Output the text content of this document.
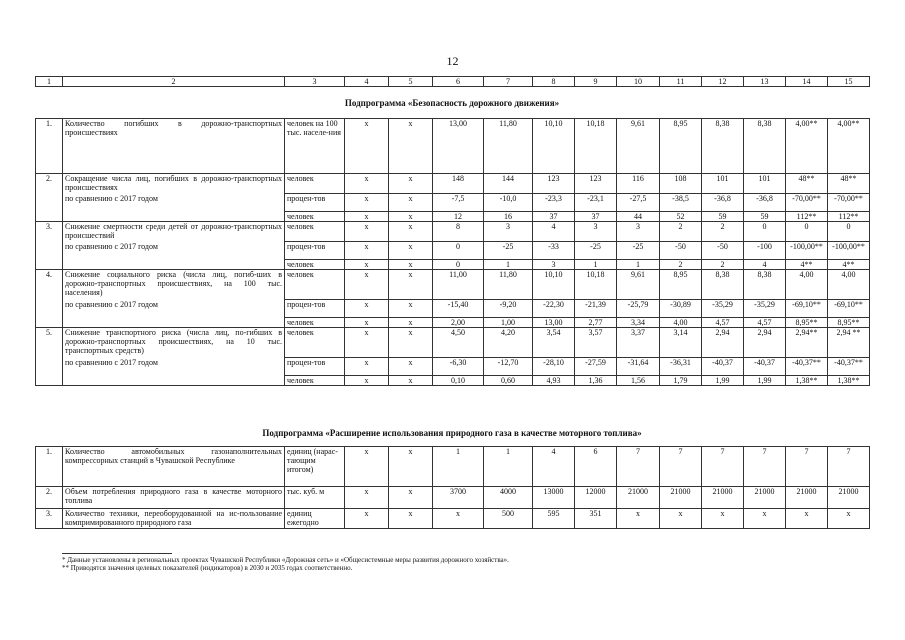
12
1	2	3	4	5	6	7	8	9	10	11	12	13	14	15
Подпрограмма «Безопасность дорожного движения»
1.	Количество погибших в дорожно-транспортных происшествиях	человек на 100 тыс. населе-ния	x	x	13,00	11,80	10,10	10,18	9,61	8,95	8,38	8,38	4,00**	4,00**
2.	Сокращение числа лиц, погибших в дорожно-транспортных происшествиях	человек	x	x	148	144	123	123	116	108	101	101	48**	48**
	по сравнению с 2017 годом	процен-тов	x	x	-7,5	-10,0	-23,3	-23,1	-27,5	-38,5	-36,8	-36,8	-70,00**	-70,00**
		человек	x	x	12	16	37	37	44	52	59	59	112**	112**
3.	Снижение смертности среди детей от дорожно-транспортных происшествий	человек	x	x	8	3	4	3	3	2	2	0	0	0
	по сравнению с 2017 годом	процен-тов	x	x	0	-25	-33	-25	-25	-50	-50	-100	-100,00**	-100,00**
		человек	x	x	0	1	3	1	1	2	2	4	4**	4**
4.	Снижение социального риска (числа лиц, погиб-ших в дорожно-транспортных происшествиях, на 100 тыс. населения)	человек	x	x	11,00	11,80	10,10	10,18	9,61	8,95	8,38	8,38	4,00	4,00
	по сравнению с 2017 годом	процен-тов	x	x	-15,40	-9,20	-22,30	-21,39	-25,79	-30,89	-35,29	-35,29	-69,10**	-69,10**
		человек	x	x	2,00	1,00	13,00	2,77	3,34	4,00	4,57	4,57	8,95**	8,95**
5.	Снижение транспортного риска (числа лиц, по-гибших в дорожно-транспортных происшествиях, на 10 тыс. транспортных средств)	человек	x	x	4,50	4,20	3,54	3,57	3,37	3,14	2,94	2,94	2,94**	2,94 **
	по сравнению с 2017 годом	процен-тов	x	x	-6,30	-12,70	-28,10	-27,59	-31,64	-36,31	-40,37	-40,37	-40,37**	-40,37**
		человек	x	x	0,10	0,60	4,93	1,36	1,56	1,79	1,99	1,99	1,38**	1,38**
Подпрограмма «Расширение использования природного газа в качестве моторного топлива»
1.	Количество автомобильных газонаполнительных компрессорных станций в Чувашской Республике	единиц (нарас-тающим итогом)	x	x	1	1	4	6	7	7	7	7	7	7
2.	Объем потребления природного газа в качестве моторного топлива	тыс. куб. м	x	x	3700	4000	13000	12000	21000	21000	21000	21000	21000	21000
3.	Количество техники, переоборудованной на ис-пользование компримированного природного газа	единиц ежегодно	x	x	x	500	595	351	x	x	x	x	x	x
* Данные установлены в региональных проектах Чувашской Республики «Дорожная сеть» и «Общесистемные меры развития дорожного хозяйства».
** Приводятся значения целевых показателей (индикаторов) в 2030 и 2035 годах соответственно.
